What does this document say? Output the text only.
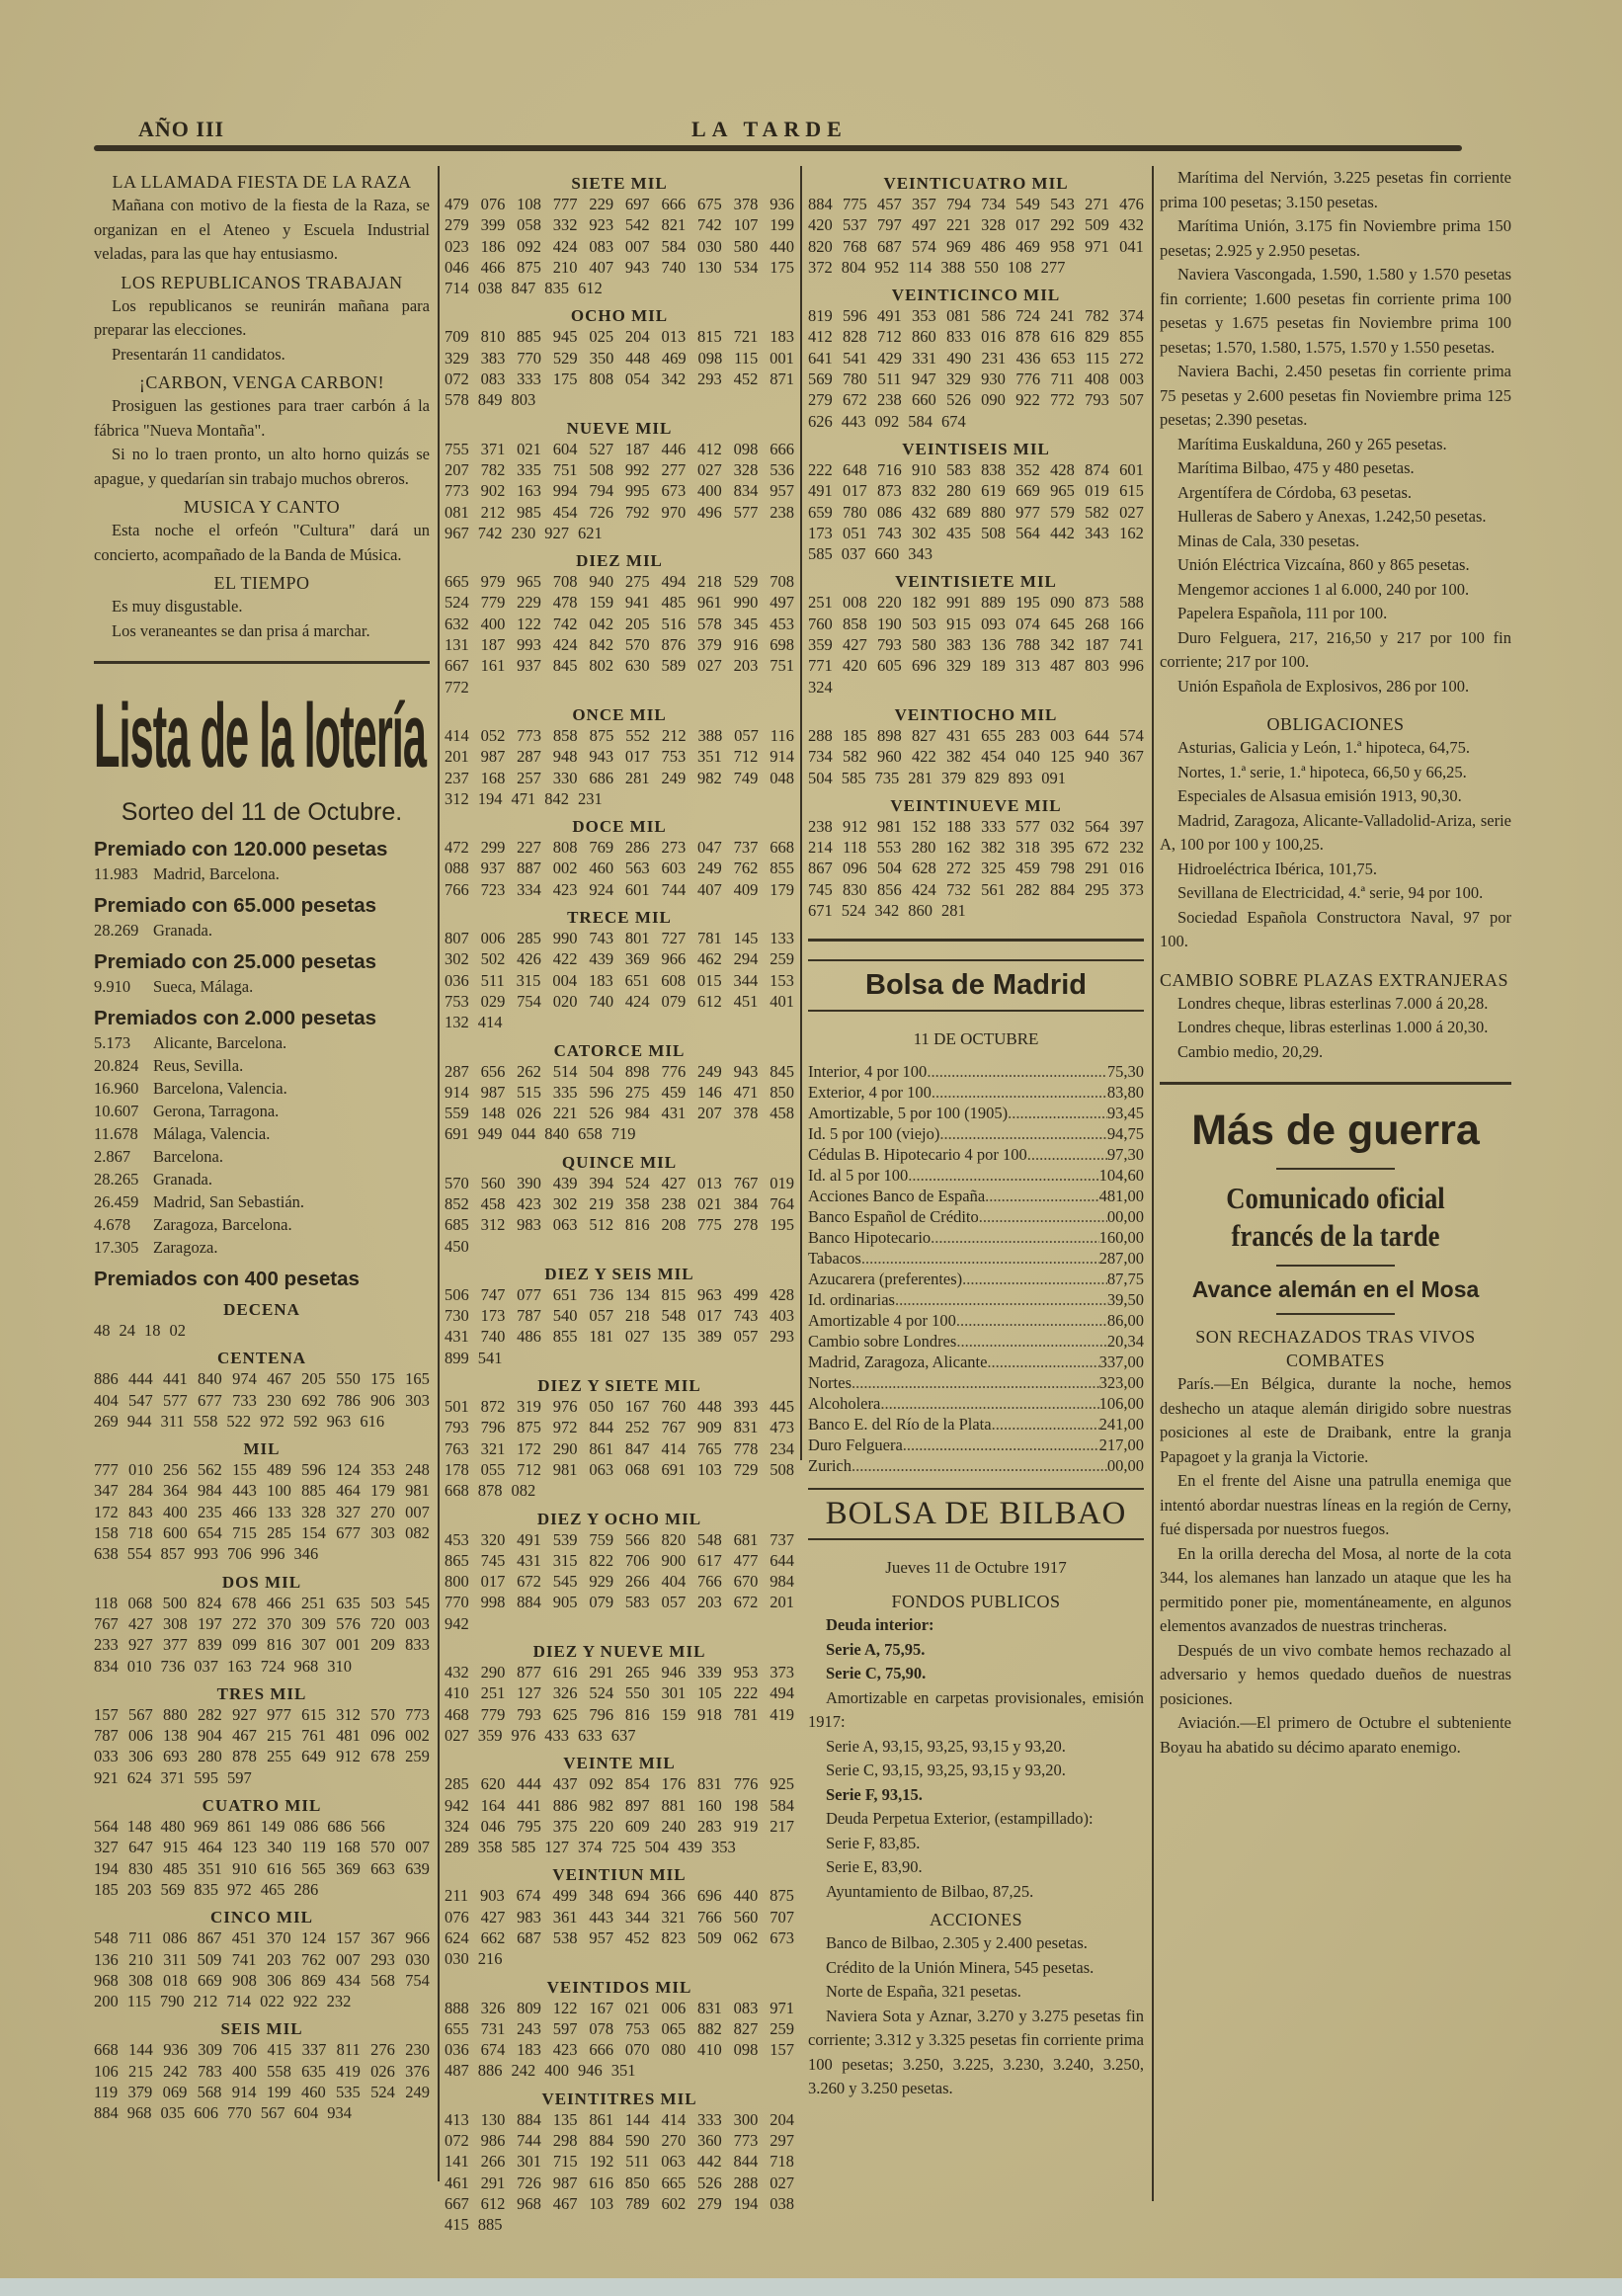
AÑO III	LA TARDE
LA LLAMADA FIESTA DE LA RAZA

Mañana con motivo de la fiesta de la Raza, se organizan en el Ateneo y Escuela Industrial veladas, para las que hay entusiasmo.

LOS REPUBLICANOS TRABAJAN

Los republicanos se reunirán mañana para preparar las elecciones.

Presentarán 11 candidatos.

¡CARBON, VENGA CARBON!

Prosiguen las gestiones para traer carbón á la fábrica "Nueva Montaña".

Si no lo traen pronto, un alto horno quizás se apague, y quedarían sin trabajo muchos obreros.

MUSICA Y CANTO

Esta noche el orfeón "Cultura" dará un concierto, acompañado de la Banda de Música.

EL TIEMPO

Es muy disgustable.

Los veraneantes se dan prisa á marchar.

Lista de la lotería
Sorteo del 11 de Octubre.
Premiado con 120.000 pesetas
11.983 Madrid, Barcelona.
Premiado con 65.000 pesetas
28.269 Granada.
Premiado con 25.000 pesetas
9.910	Sueca, Málaga.
Premiados con 2.000 pesetas
5.173	Alicante, Barcelona.
20.824 Reus, Sevilla.
16.960 Barcelona, Valencia.
10.607 Gerona, Tarragona.
11.678 Málaga, Valencia.
2.867	Barcelona.
28.265 Granada.
26.459 Madrid, San Sebastián.
4.678	Zaragoza, Barcelona.
17.305 Zaragoza.
Premiados con 400 pesetas
DECENA
48 24 18 02
CENTENA
886 444 441 840 974 467 205 550 175 165
404 547 577 677 733 230 692 786 906 303
269 944 311 558 522 972 592 963 616
MIL
777 010 256 562 155 489 596 124 353 248
347 284 364 984 443 100 885 464 179 981
172 843 400 235 466 133 328 327 270 007
158 718 600 654 715 285 154 677 303 082
638 554 857 993 706 996 346
DOS MIL
118 068 500 824 678 466 251 635 503 545
767 427 308 197 272 370 309 576 720 003
233 927 377 839 099 816 307 001 209 833
834 010 736 037 163 724 968 310
TRES MIL
157 567 880 282 927 977 615 312 570 773
787 006 138 904 467 215 761 481 096 002
033 306 693 280 878 255 649 912 678 259
921 624 371 595 597
CUATRO MIL
564 148 480 969 861 149 086 686 566
327 647 915 464 123 340 119 168 570 007
194 830 485 351 910 616 565 369 663 639
185 203 569 835 972 465 286
CINCO MIL
548 711 086 867 451 370 124 157 367 966
136 210 311 509 741 203 762 007 293 030
968 308 018 669 908 306 869 434 568 754
200 115 790 212 714 022 922 232
SEIS MIL
668 144 936 309 706 415 337 811 276 230
106 215 242 783 400 558 635 419 026 376
119 379 069 568 914 199 460 535 524 249
884 968 035 606 770 567 604 934
SIETE MIL
479 076 108 777 229 697 666 675 378 936
279 399 058 332 923 542 821 742 107 199
023 186 092 424 083 007 584 030 580 440
046 466 875 210 407 943 740 130 534 175
714 038 847 835 612
OCHO MIL
709 810 885 945 025 204 013 815 721 183
329 383 770 529 350 448 469 098 115 001
072 083 333 175 808 054 342 293 452 871
578 849 803
NUEVE MIL
755 371 021 604 527 187 446 412 098 666
207 782 335 751 508 992 277 027 328 536
773 902 163 994 794 995 673 400 834 957
081 212 985 454 726 792 970 496 577 238
967 742 230 927 621
DIEZ MIL
665 979 965 708 940 275 494 218 529 708
524 779 229 478 159 941 485 961 990 497
632 400 122 742 042 205 516 578 345 453
131 187 993 424 842 570 876 379 916 698
667 161 937 845 802 630 589 027 203 751
772
ONCE MIL
414 052 773 858 875 552 212 388 057 116
201 987 287 948 943 017 753 351 712 914
237 168 257 330 686 281 249 982 749 048
312 194 471 842 231
DOCE MIL
472 299 227 808 769 286 273 047 737 668
088 937 887 002 460 563 603 249 762 855
766 723 334 423 924 601 744 407 409 179
TRECE MIL
807 006 285 990 743 801 727 781 145 133
302 502 426 422 439 369 966 462 294 259
036 511 315 004 183 651 608 015 344 153
753 029 754 020 740 424 079 612 451 401
132 414
CATORCE MIL
287 656 262 514 504 898 776 249 943 845
914 987 515 335 596 275 459 146 471 850
559 148 026 221 526 984 431 207 378 458
691 949 044 840 658 719
QUINCE MIL
570 560 390 439 394 524 427 013 767 019
852 458 423 302 219 358 238 021 384 764
685 312 983 063 512 816 208 775 278 195
450
DIEZ Y SEIS MIL
506 747 077 651 736 134 815 963 499 428
730 173 787 540 057 218 548 017 743 403
431 740 486 855 181 027 135 389 057 293
899 541
DIEZ Y SIETE MIL
501 872 319 976 050 167 760 448 393 445
793 796 875 972 844 252 767 909 831 473
763 321 172 290 861 847 414 765 778 234
178 055 712 981 063 068 691 103 729 508
668 878 082
DIEZ Y OCHO MIL
453 320 491 539 759 566 820 548 681 737
865 745 431 315 822 706 900 617 477 644
800 017 672 545 929 266 404 766 670 984
770 998 884 905 079 583 057 203 672 201
942
DIEZ Y NUEVE MIL
432 290 877 616 291 265 946 339 953 373
410 251 127 326 524 550 301 105 222 494
468 779 793 625 796 816 159 918 781 419
027 359 976 433 633 637
VEINTE MIL
285 620 444 437 092 854 176 831 776 925
942 164 441 886 982 897 881 160 198 584
324 046 795 375 220 609 240 283 919 217
289 358 585 127 374 725 504 439 353
VEINTIUN MIL
211 903 674 499 348 694 366 696 440 875
076 427 983 361 443 344 321 766 560 707
624 662 687 538 957 452 823 509 062 673
030 216
VEINTIDOS MIL
888 326 809 122 167 021 006 831 083 971
655 731 243 597 078 753 065 882 827 259
036 674 183 423 666 070 080 410 098 157
487 886 242 400 946 351
VEINTITRES MIL
413 130 884 135 861 144 414 333 300 204
072 986 744 298 884 590 270 360 773 297
141 266 301 715 192 511 063 442 844 718
461 291 726 987 616 850 665 526 288 027
667 612 968 467 103 789 602 279 194 038
415 885
VEINTICUATRO MIL
884 775 457 357 794 734 549 543 271 476
420 537 797 497 221 328 017 292 509 432
820 768 687 574 969 486 469 958 971 041
372 804 952 114 388 550 108 277
VEINTICINCO MIL
819 596 491 353 081 586 724 241 782 374
412 828 712 860 833 016 878 616 829 855
641 541 429 331 490 231 436 653 115 272
569 780 511 947 329 930 776 711 408 003
279 672 238 660 526 090 922 772 793 507
626 443 092 584 674
VEINTISEIS MIL
222 648 716 910 583 838 352 428 874 601
491 017 873 832 280 619 669 965 019 615
659 780 086 432 689 880 977 579 582 027
173 051 743 302 435 508 564 442 343 162
585 037 660 343
VEINTISIETE MIL
251 008 220 182 991 889 195 090 873 588
760 858 190 503 915 093 074 645 268 166
359 427 793 580 383 136 788 342 187 741
771 420 605 696 329 189 313 487 803 996
324
VEINTIOCHO MIL
288 185 898 827 431 655 283 003 644 574
734 582 960 422 382 454 040 125 940 367
504 585 735 281 379 829 893 091
VEINTINUEVE MIL
238 912 981 152 188 333 577 032 564 397
214 118 553 280 162 382 318 395 672 232
867 096 504 628 272 325 459 798 291 016
745 830 856 424 732 561 282 884 295 373
671 524 342 860 281
Bolsa de Madrid
11 DE OCTUBRE
Interior, 4 por 100 .....	75,30
Exterior, 4 por 100 .....	83,80
Amortizable, 5 por 100 (1905) .....	93,45
Id. 5 por 100 (viejo) .....	94,75
Cédulas B. Hipotecario 4 por 100 .....	97,30
Id. al 5 por 100 .....	104,60
Acciones Banco de España .....	481,00
Banco Español de Crédito .....	00,00
Banco Hipotecario .....	160,00
Tabacos .....	287,00
Azucarera (preferentes) .....	87,75
Id. ordinarias .....	39,50
Amortizable 4 por 100 .....	86,00
Cambio sobre Londres .....	20,34
Madrid, Zaragoza, Alicante .....	337,00
Nortes .....	323,00
Alcoholera .....	106,00
Banco E. del Río de la Plata .....	241,00
Duro Felguera .....	217,00
Zurich .....	00,00
BOLSA DE BILBAO
Jueves 11 de Octubre 1917
FONDOS PUBLICOS

Deuda interior:

Serie A, 75,95.

Serie C, 75,90.

Amortizable en carpetas provisionales, emisión 1917:

Serie A, 93,15, 93,25, 93,15 y 93,20.

Serie C, 93,15, 93,25, 93,15 y 93,20.

Serie F, 93,15.

Deuda Perpetua Exterior, (estampillado):

Serie F, 83,85.

Serie E, 83,90.

Ayuntamiento de Bilbao, 87,25.

ACCIONES

Banco de Bilbao, 2.305 y 2.400 pesetas.

Crédito de la Unión Minera, 545 pesetas.

Norte de España, 321 pesetas.

Naviera Sota y Aznar, 3.270 y 3.275 pesetas fin corriente; 3.312 y 3.325 pesetas fin corriente prima 100 pesetas; 3.250, 3.225, 3.230, 3.240, 3.250, 3.260 y 3.250 pesetas.

Marítima del Nervión, 3.225 pesetas fin corriente prima 100 pesetas; 3.150 pesetas.

Marítima Unión, 3.175 fin Noviembre prima 150 pesetas; 2.925 y 2.950 pesetas.

Naviera Vascongada, 1.590, 1.580 y 1.570 pesetas fin corriente; 1.600 pesetas fin corriente prima 100 pesetas y 1.675 pesetas fin Noviembre prima 100 pesetas; 1.570, 1.580, 1.575, 1.570 y 1.550 pesetas.

Naviera Bachi, 2.450 pesetas fin corriente prima 75 pesetas y 2.600 pesetas fin Noviembre prima 125 pesetas; 2.390 pesetas.

Marítima Euskalduna, 260 y 265 pesetas.

Marítima Bilbao, 475 y 480 pesetas.

Argentífera de Córdoba, 63 pesetas.

Hulleras de Sabero y Anexas, 1.242,50 pesetas.

Minas de Cala, 330 pesetas.

Unión Eléctrica Vizcaína, 860 y 865 pesetas.

Mengemor acciones 1 al 6.000, 240 por 100.

Papelera Española, 111 por 100.

Duro Felguera, 217, 216,50 y 217 por 100 fin corriente; 217 por 100.

Unión Española de Explosivos, 286 por 100.

OBLIGACIONES

Asturias, Galicia y León, 1.ª hipoteca, 64,75.

Nortes, 1.ª serie, 1.ª hipoteca, 66,50 y 66,25.

Especiales de Alsasua emisión 1913, 90,30.

Madrid, Zaragoza, Alicante-Valladolid-Ariza, serie A, 100 por 100 y 100,25.

Hidroeléctrica Ibérica, 101,75.

Sevillana de Electricidad, 4.ª serie, 94 por 100.

Sociedad Española Constructora Naval, 97 por 100.

CAMBIO SOBRE PLAZAS EXTRANJERAS

Londres cheque, libras esterlinas 7.000 á 20,28.

Londres cheque, libras esterlinas 1.000 á 20,30.

Cambio medio, 20,29.

Más de guerra
Comunicado oficial francés de la tarde
Avance alemán en el Mosa
SON RECHAZADOS TRAS VIVOS COMBATES

París.—En Bélgica, durante la noche, hemos deshecho un ataque alemán dirigido sobre nuestras posiciones al este de Draibank, entre la granja Papagoet y la granja la Victorie.

En el frente del Aisne una patrulla enemiga que intentó abordar nuestras líneas en la región de Cerny, fué dispersada por nuestros fuegos.

En la orilla derecha del Mosa, al norte de la cota 344, los alemanes han lanzado un ataque que les ha permitido poner pie, momentáneamente, en algunos elementos avanzados de nuestras trincheras.

Después de un vivo combate hemos rechazado al adversario y hemos quedado dueños de nuestras posiciones.

Aviación.—El primero de Octubre el subteniente Boyau ha abatido su décimo aparato enemigo.
